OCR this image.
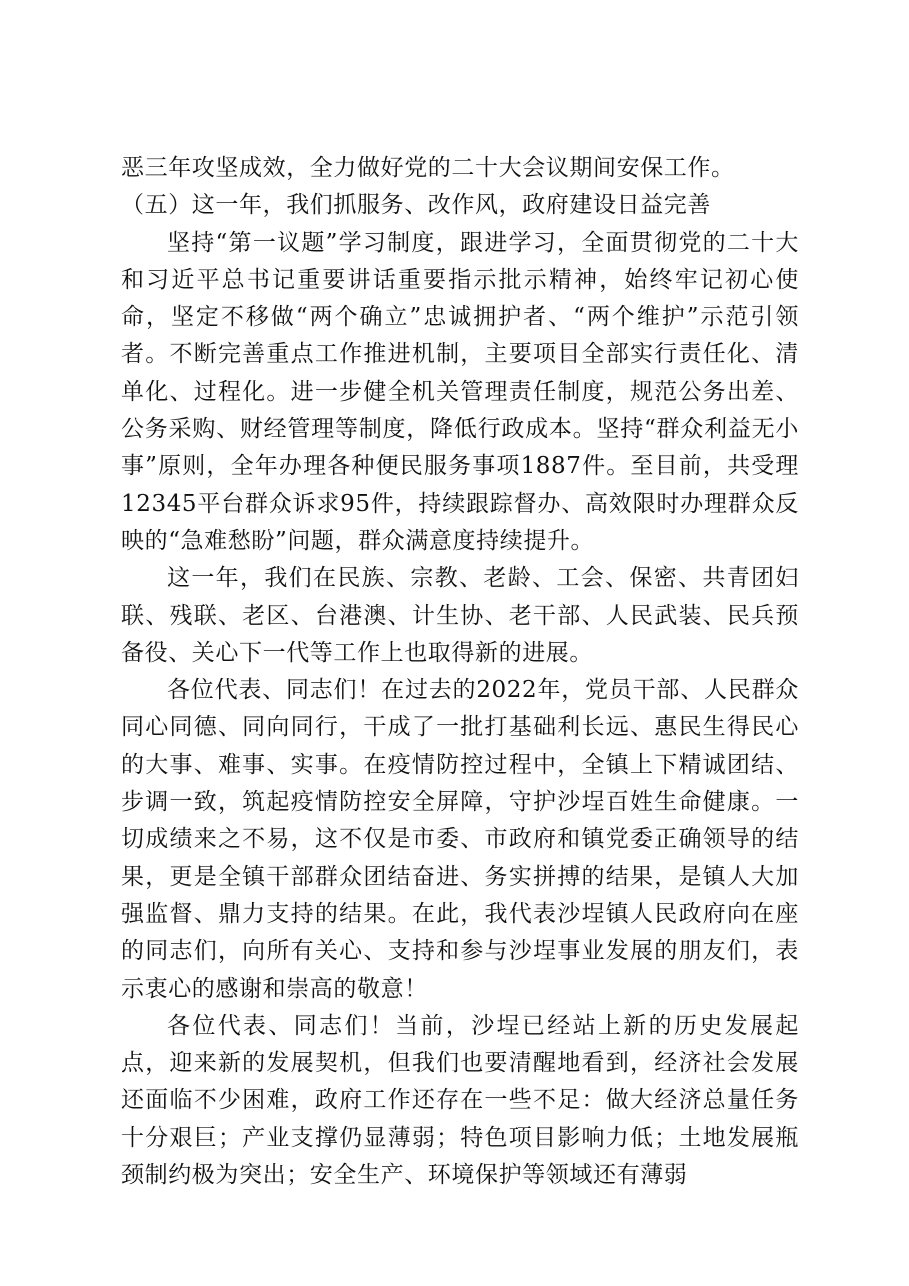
恶三年攻坚成效，全力做好党的二十大会议期间安保工作。

（五）这一年，我们抓服务、改作风，政府建设日益完善

坚持“第一议题”学习制度，跟进学习，全面贯彻党的二十大和习近平总书记重要讲话重要指示批示精神，始终牢记初心使命，坚定不移做“两个确立”忠诚拥护者、“两个维护”示范引领者。不断完善重点工作推进机制，主要项目全部实行责任化、清单化、过程化。进一步健全机关管理责任制度，规范公务出差、公务采购、财经管理等制度，降低行政成本。坚持“群众利益无小事”原则，全年办理各种便民服务事项1887件。至目前，共受理12345平台群众诉求95件，持续跟踪督办、高效限时办理群众反映的“急难愁盼”问题，群众满意度持续提升。

这一年，我们在民族、宗教、老龄、工会、保密、共青团妇联、残联、老区、台港澳、计生协、老干部、人民武装、民兵预备役、关心下一代等工作上也取得新的进展。

各位代表、同志们！在过去的2022年，党员干部、人民群众同心同德、同向同行，干成了一批打基础利长远、惠民生得民心的大事、难事、实事。在疫情防控过程中，全镇上下精诚团结、步调一致，筑起疫情防控安全屏障，守护沙埕百姓生命健康。一切成绩来之不易，这不仅是市委、市政府和镇党委正确领导的结果，更是全镇干部群众团结奋进、务实拼搏的结果，是镇人大加强监督、鼎力支持的结果。在此，我代表沙埕镇人民政府向在座的同志们，向所有关心、支持和参与沙埕事业发展的朋友们，表示衷心的感谢和崇高的敬意！

各位代表、同志们！当前，沙埕已经站上新的历史发展起点，迎来新的发展契机，但我们也要清醒地看到，经济社会发展还面临不少困难，政府工作还存在一些不足：做大经济总量任务十分艰巨；产业支撑仍显薄弱；特色项目影响力低；土地发展瓶颈制约极为突出；安全生产、环境保护等领域还有薄弱
